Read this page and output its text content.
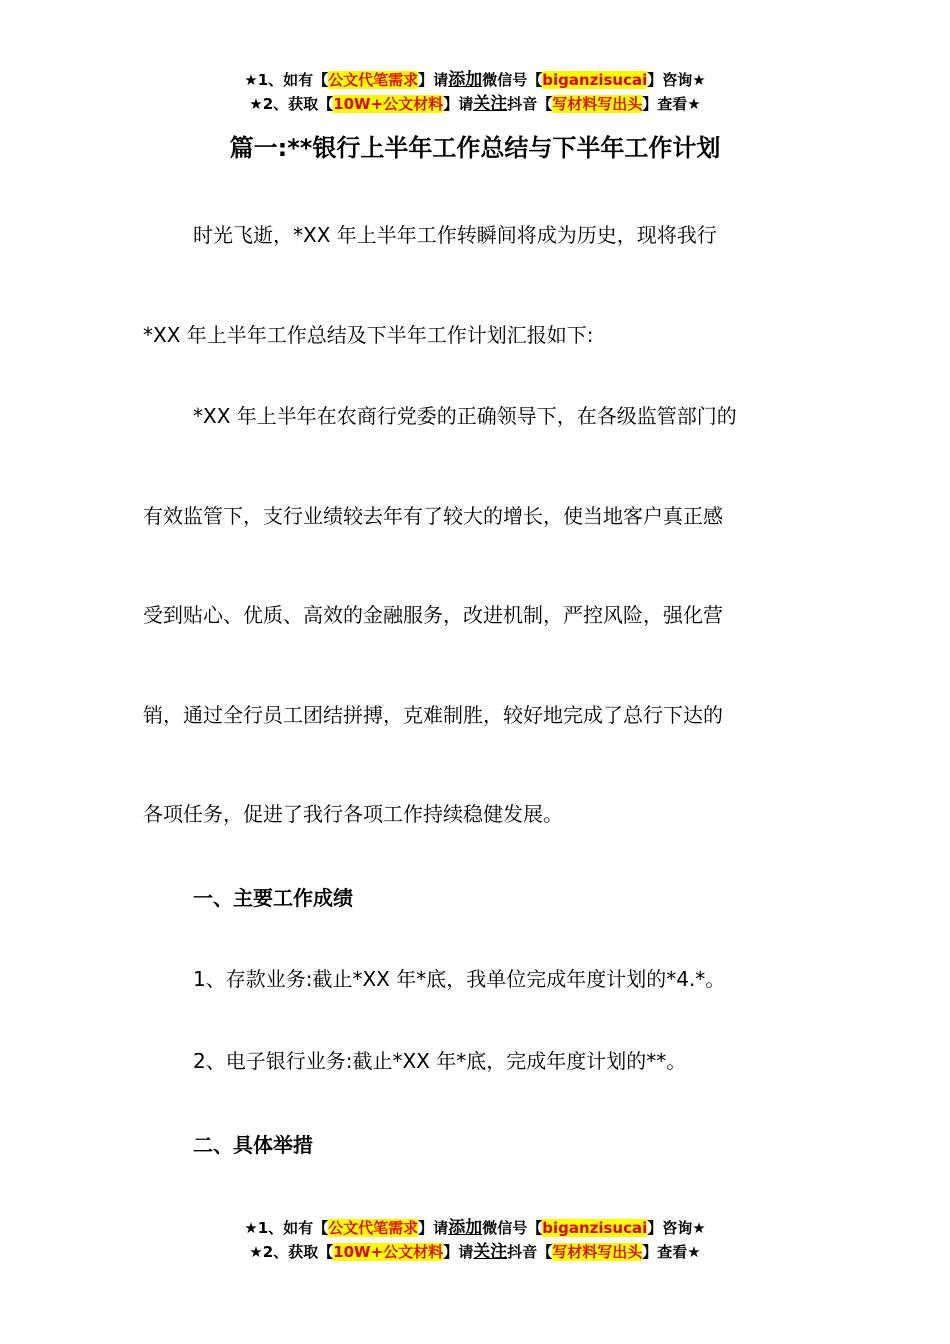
★1、如有【公文代笔需求】请添加微信号【biganzisucai】咨询★
★2、获取【10W+公文材料】请关注抖音【写材料写出头】查看★
篇一:**银行上半年工作总结与下半年工作计划
时光飞逝，*XX 年上半年工作转瞬间将成为历史，现将我行
*XX 年上半年工作总结及下半年工作计划汇报如下:
*XX 年上半年在农商行党委的正确领导下，在各级监管部门的
有效监管下，支行业绩较去年有了较大的增长，使当地客户真正感
受到贴心、优质、高效的金融服务，改进机制，严控风险，强化营
销，通过全行员工团结拼搏，克难制胜，较好地完成了总行下达的
各项任务，促进了我行各项工作持续稳健发展。
一、主要工作成绩
1、存款业务:截止*XX 年*底，我单位完成年度计划的*4.*。
2、电子银行业务:截止*XX 年*底，完成年度计划的**。
二、具体举措
★1、如有【公文代笔需求】请添加微信号【biganzisucai】咨询★
★2、获取【10W+公文材料】请关注抖音【写材料写出头】查看★
